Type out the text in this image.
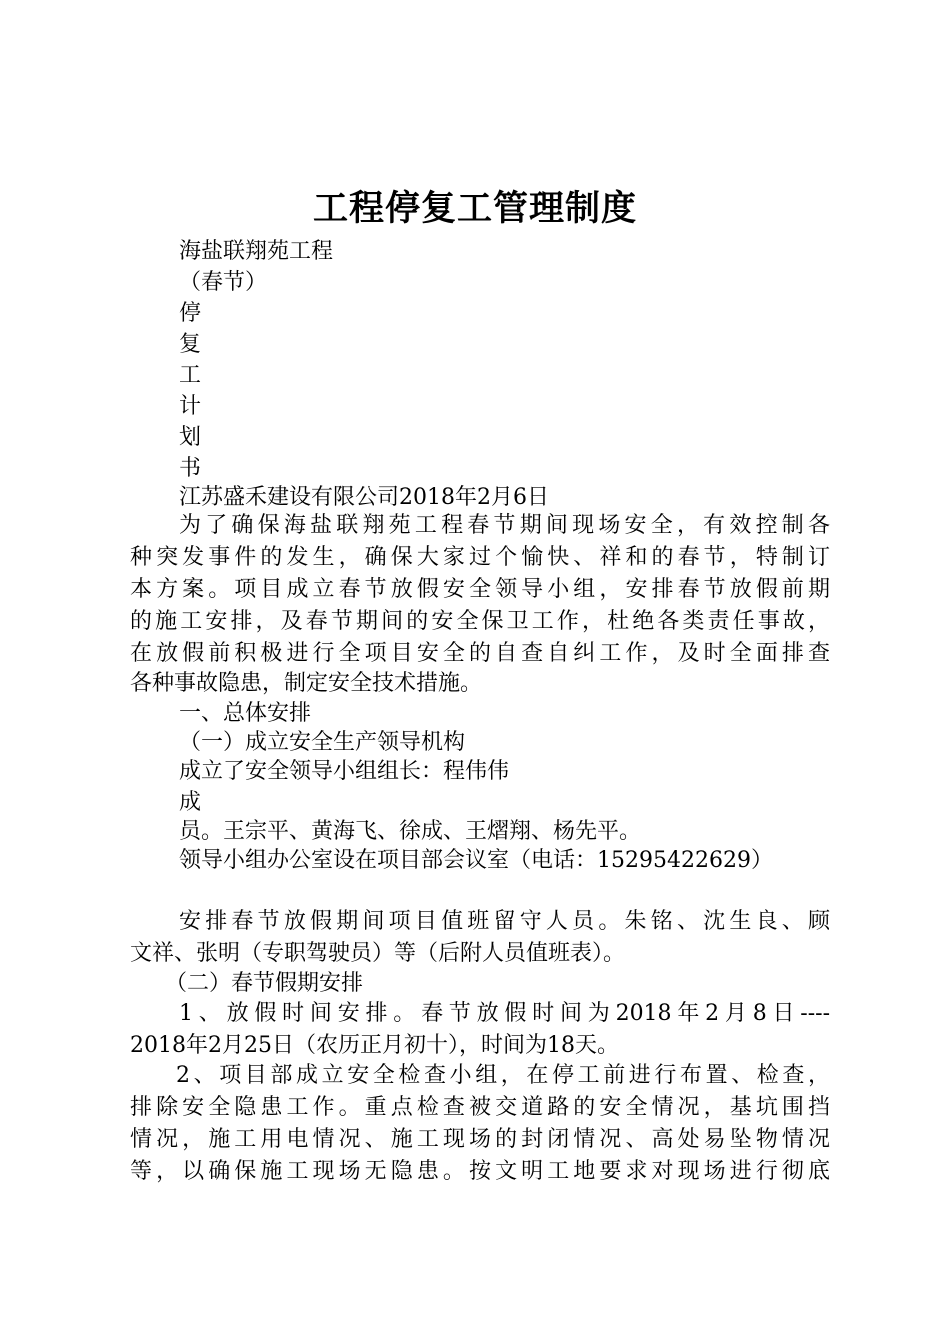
工程停复工管理制度
海盐联翔苑工程
（春节）
停
复
工
计
划
书
江苏盛禾建设有限公司2018年2月6日
为了确保海盐联翔苑工程春节期间现场安全，有效控制各
种突发事件的发生，确保大家过个愉快、祥和的春节，特制订
本方案。项目成立春节放假安全领导小组，安排春节放假前期
的施工安排，及春节期间的安全保卫工作，杜绝各类责任事故，
在放假前积极进行全项目安全的自查自纠工作，及时全面排查
各种事故隐患，制定安全技术措施。
一、总体安排
（一）成立安全生产领导机构
成立了安全领导小组组长：程伟伟
成
员。王宗平、黄海飞、徐成、王熠翔、杨先平。
领导小组办公室设在项目部会议室（电话：15295422629）
安排春节放假期间项目值班留守人员。朱铭、沈生良、顾
文祥、张明（专职驾驶员）等（后附人员值班表）。
（二）春节假期安排
1、放假时间安排。春节放假时间为2018年2月8日----
2018年2月25日（农历正月初十），时间为18天。
2、项目部成立安全检查小组，在停工前进行布置、检查，
排除安全隐患工作。重点检查被交道路的安全情况，基坑围挡
情况，施工用电情况、施工现场的封闭情况、高处易坠物情况
等，以确保施工现场无隐患。按文明工地要求对现场进行彻底
